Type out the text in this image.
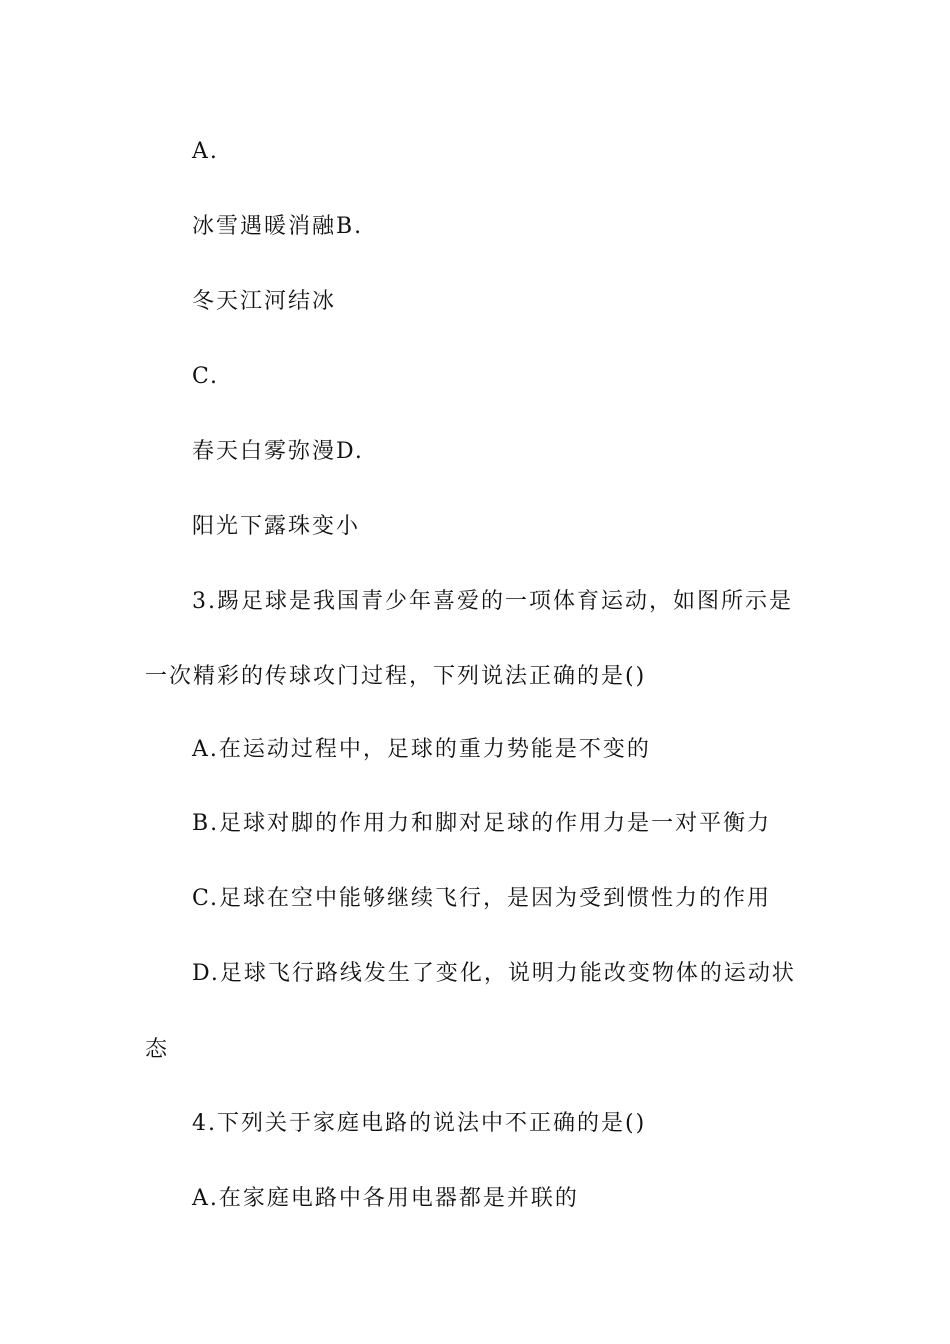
A.
冰雪遇暖消融B.
冬天江河结冰
C.
春天白雾弥漫D.
阳光下露珠变小
3.踢足球是我国青少年喜爱的一项体育运动，如图所示是
一次精彩的传球攻门过程，下列说法正确的是()
A.在运动过程中，足球的重力势能是不变的
B.足球对脚的作用力和脚对足球的作用力是一对平衡力
C.足球在空中能够继续飞行，是因为受到惯性力的作用
D.足球飞行路线发生了变化，说明力能改变物体的运动状
态
4.下列关于家庭电路的说法中不正确的是()
A.在家庭电路中各用电器都是并联的
